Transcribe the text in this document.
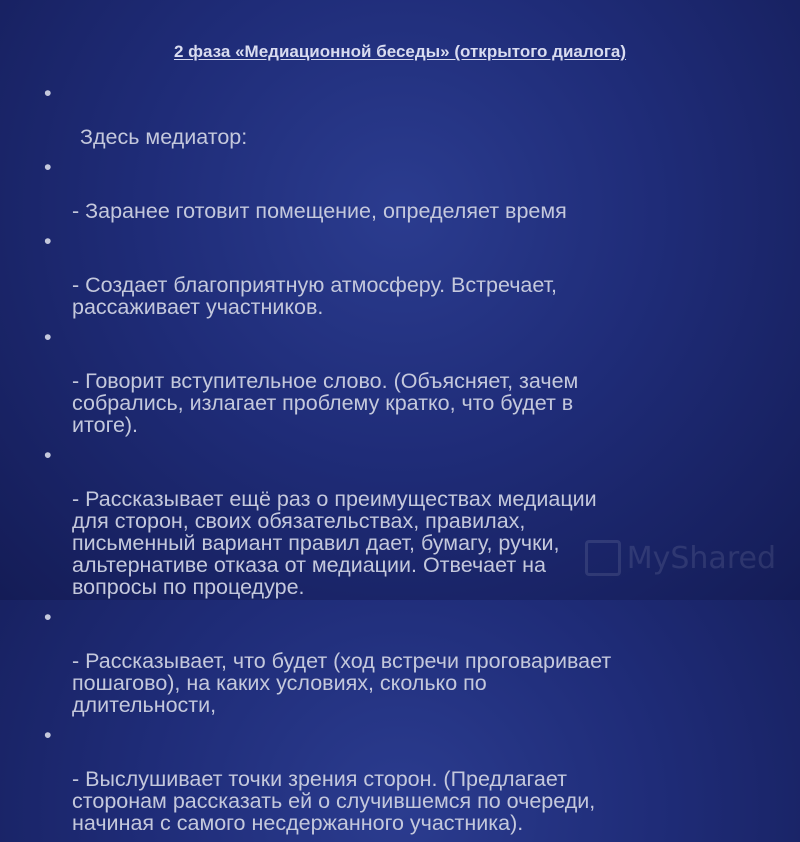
2 фаза «Медиационной беседы» (открытого диалога)

•

Здесь медиатор:

•

- Заранее готовит помещение, определяет время

•

- Создает благоприятную атмосферу. Встречает,
рассаживает участников.

•

- Говорит вступительное слово. (Объясняет, зачем
собрались, излагает проблему кратко, что будет в
итоге).

•

- Рассказывает ещё раз о преимуществах медиации
для сторон, своих обязательствах, правилах,
письменный вариант правил дает, бумагу, ручки,
альтернативе отказа от медиации. Отвечает на
вопросы по процедуре.

•

- Рассказывает, что будет (ход встречи проговаривает
пошагово), на каких условиях, сколько по
длительности,

•

- Выслушивает точки зрения сторон. (Предлагает
сторонам рассказать ей о случившемся по очереди,
начиная с самого несдержанного участника).

MyShared
